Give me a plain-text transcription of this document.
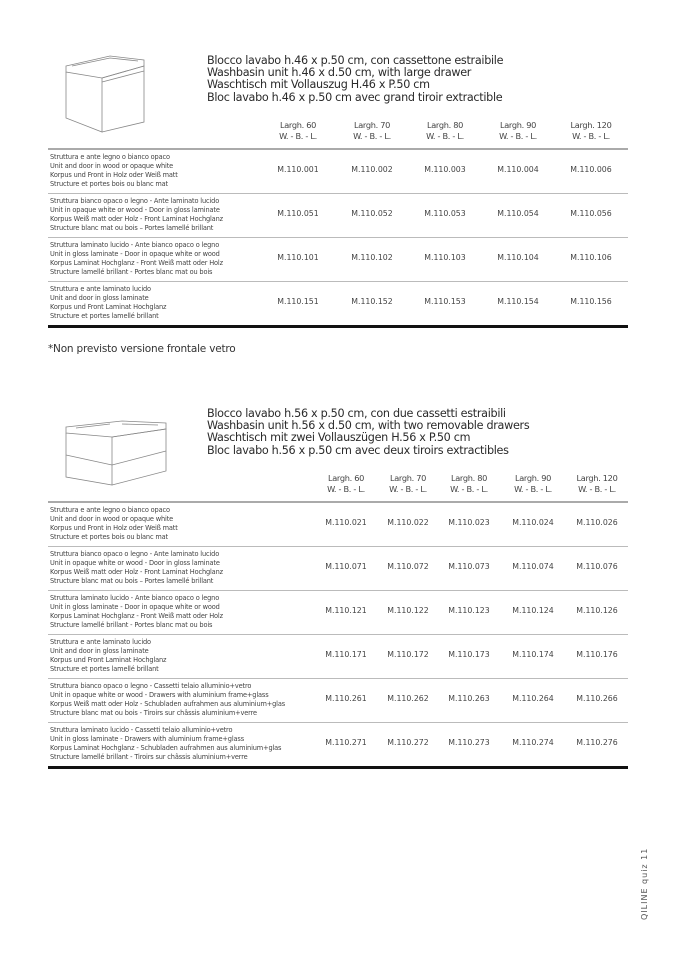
Blocco lavabo h.46 x p.50 cm, con cassettone estraibile
Washbasin unit h.46 x d.50 cm, with large drawer
Waschtisch mit Vollauszug H.46 x P.50 cm
Bloc lavabo h.46 x p.50 cm avec grand tiroir extractible
Largh. 60
W. - B. - L.
Largh. 70
W. - B. - L.
Largh. 80
W. - B. - L.
Largh. 90
W. - B. - L.
Largh. 120
W. - B. - L.
Struttura e ante legno o bianco opaco
Unit and door in wood or opaque white
Korpus und Front in Holz oder Weiß matt
Structure et portes bois ou blanc mat
M.110.001	M.110.002	M.110.003	M.110.004	M.110.006
Struttura bianco opaco o legno - Ante laminato lucido
Unit in opaque white or wood - Door in gloss laminate
Korpus Weiß matt oder Holz - Front Laminat Hochglanz
Structure blanc mat ou bois – Portes lamellé brillant
M.110.051	M.110.052	M.110.053	M.110.054	M.110.056
Struttura laminato lucido - Ante bianco opaco o legno
Unit in gloss laminate - Door in opaque white or wood
Korpus Laminat Hochglanz - Front Weiß matt oder Holz
Structure lamellé brillant - Portes blanc mat ou bois
M.110.101	M.110.102	M.110.103	M.110.104	M.110.106
Struttura e ante laminato lucido
Unit and door in gloss laminate
Korpus und Front Laminat Hochglanz
Structure et portes lamellé brillant
M.110.151	M.110.152	M.110.153	M.110.154	M.110.156
*Non previsto versione frontale vetro
Blocco lavabo h.56 x p.50 cm, con due cassetti estraibili
Washbasin unit h.56 x d.50 cm, with two removable drawers
Waschtisch mit zwei Vollauszügen H.56 x P.50 cm
Bloc lavabo h.56 x p.50 cm avec deux tiroirs extractibles
Largh. 60
W. - B. - L.
Largh. 70
W. - B. - L.
Largh. 80
W. - B. - L.
Largh. 90
W. - B. - L.
Largh. 120
W. - B. - L.
Struttura e ante legno o bianco opaco
Unit and door in wood or opaque white
Korpus und Front in Holz oder Weiß matt
Structure et portes bois ou blanc mat
M.110.021	M.110.022	M.110.023	M.110.024	M.110.026
Struttura bianco opaco o legno - Ante laminato lucido
Unit in opaque white or wood - Door in gloss laminate
Korpus Weiß matt oder Holz - Front Laminat Hochglanz
Structure blanc mat ou bois – Portes lamellé brillant
M.110.071	M.110.072	M.110.073	M.110.074	M.110.076
Struttura laminato lucido - Ante bianco opaco o legno
Unit in gloss laminate - Door in opaque white or wood
Korpus Laminat Hochglanz - Front Weiß matt oder Holz
Structure lamellé brillant - Portes blanc mat ou bois
M.110.121	M.110.122	M.110.123	M.110.124	M.110.126
Struttura e ante laminato lucido
Unit and door in gloss laminate
Korpus und Front Laminat Hochglanz
Structure et portes lamellé brillant
M.110.171	M.110.172	M.110.173	M.110.174	M.110.176
Struttura bianco opaco o legno - Cassetti telaio alluminio+vetro
Unit in opaque white or wood - Drawers with aluminium frame+glass
Korpus Weiß matt oder Holz - Schubladen aufrahmen aus aluminium+glas
Structure blanc mat ou bois - Tiroirs sur châssis aluminium+verre
M.110.261	M.110.262	M.110.263	M.110.264	M.110.266
Struttura laminato lucido - Cassetti telaio alluminio+vetro
Unit in gloss laminate - Drawers with aluminium frame+glass
Korpus Laminat Hochglanz - Schubladen aufrahmen aus aluminium+glas
Structure lamellé brillant - Tiroirs sur châssis aluminium+verre
M.110.271	M.110.272	M.110.273	M.110.274	M.110.276
QILINE quiz 11
